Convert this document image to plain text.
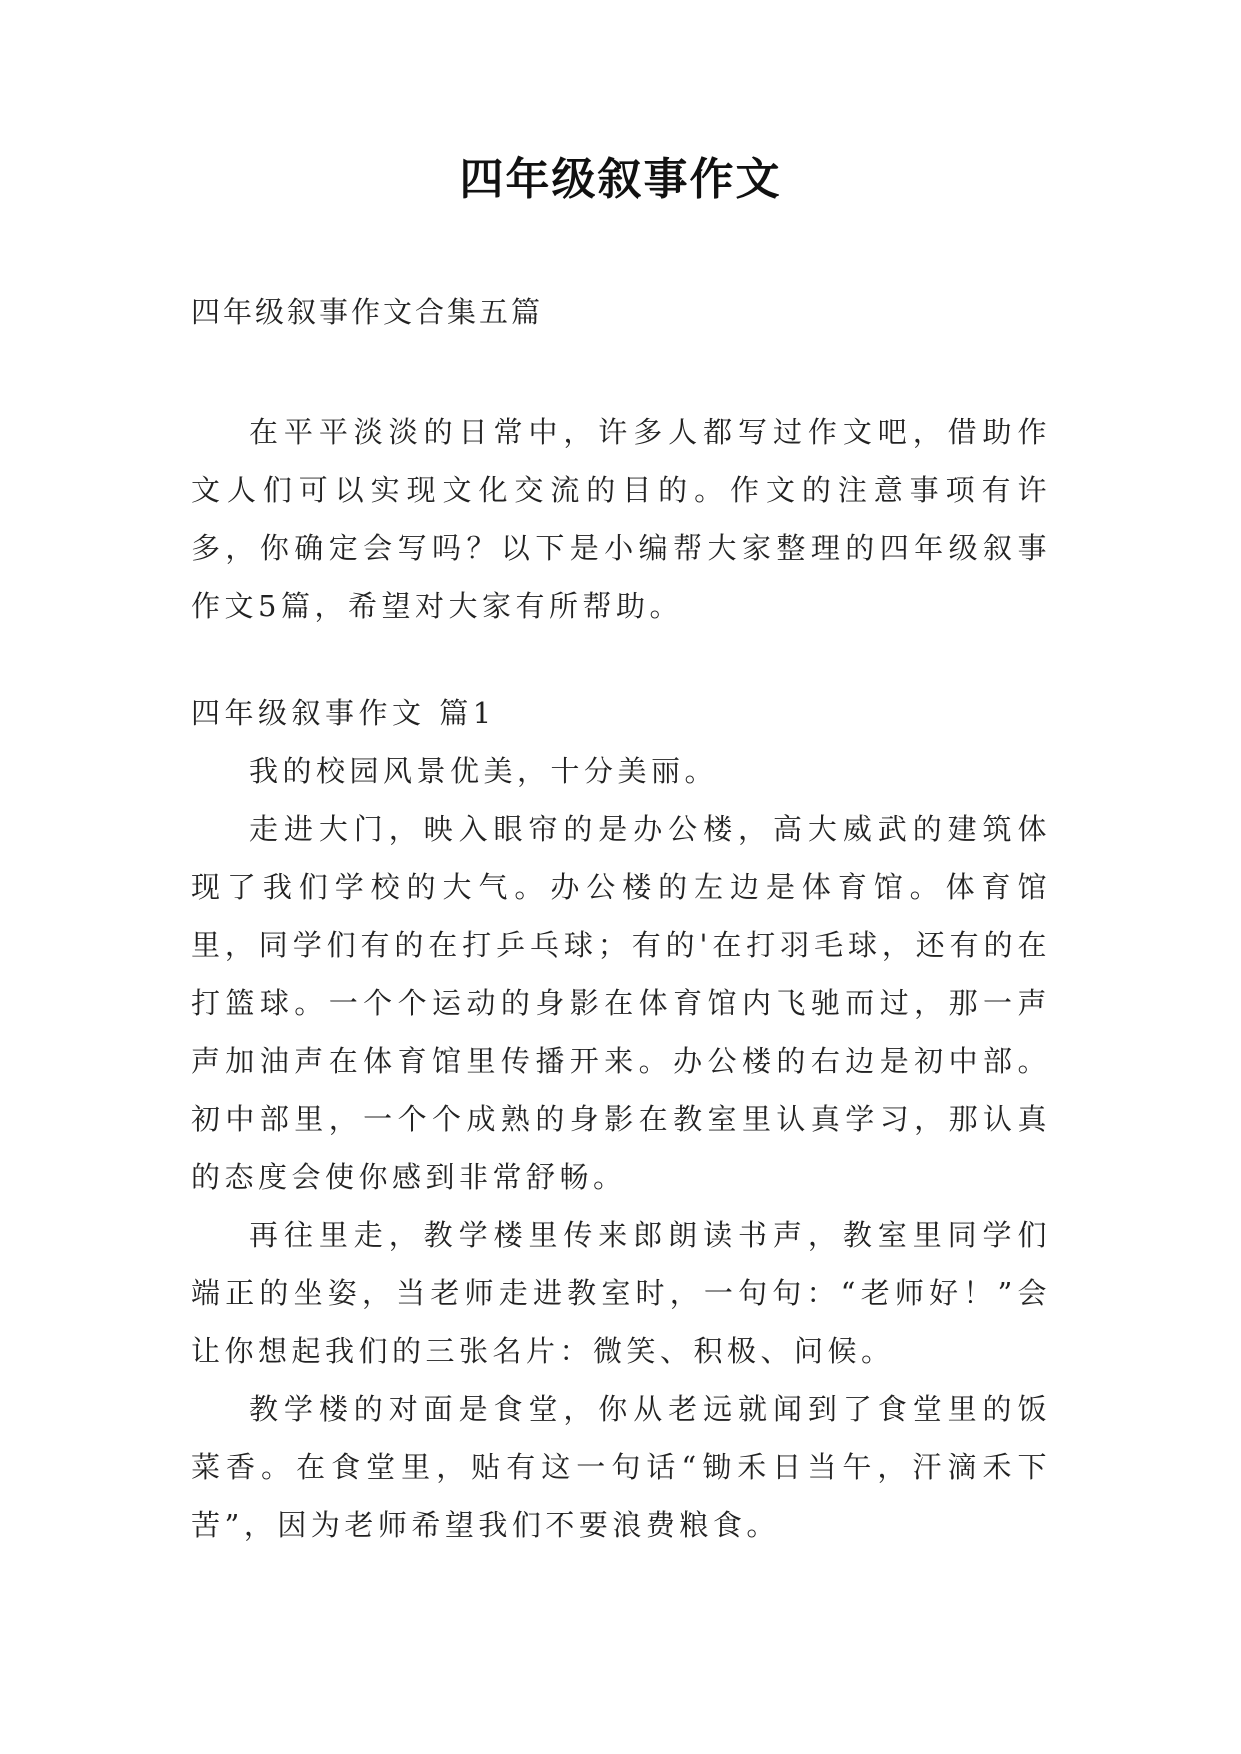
四年级叙事作文
四年级叙事作文合集五篇

在平平淡淡的日常中，许多人都写过作文吧，借助作文人们可以实现文化交流的目的。作文的注意事项有许多，你确定会写吗？以下是小编帮大家整理的四年级叙事作文5篇，希望对大家有所帮助。

四年级叙事作文 篇1

我的校园风景优美，十分美丽。

走进大门，映入眼帘的是办公楼，高大威武的建筑体现了我们学校的大气。办公楼的左边是体育馆。体育馆里，同学们有的在打乒乓球；有的'在打羽毛球，还有的在打篮球。一个个运动的身影在体育馆内飞驰而过，那一声声加油声在体育馆里传播开来。办公楼的右边是初中部。初中部里，一个个成熟的身影在教室里认真学习，那认真的态度会使你感到非常舒畅。

再往里走，教学楼里传来郎朗读书声，教室里同学们端正的坐姿，当老师走进教室时，一句句：“老师好！”会让你想起我们的三张名片：微笑、积极、问候。

教学楼的对面是食堂，你从老远就闻到了食堂里的饭菜香。在食堂里，贴有这一句话“锄禾日当午，汗滴禾下苦”，因为老师希望我们不要浪费粮食。
